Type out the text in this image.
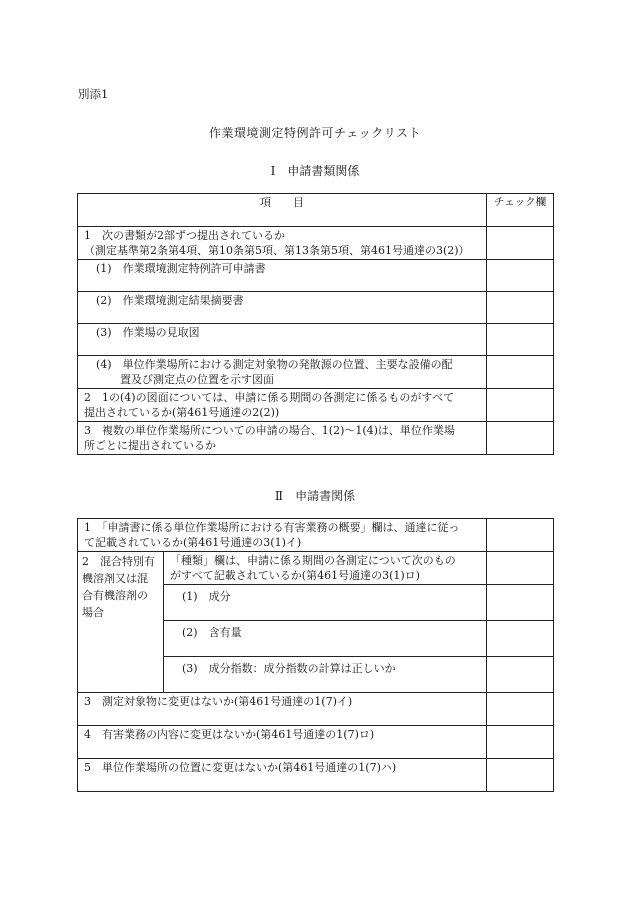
別添1
作業環境測定特例許可チェックリスト
Ⅰ　申請書類関係
項　　目	チェック欄
1　次の書類が2部ずつ提出されているか
（測定基準第2条第4項、第10条第5項、第13条第5項、第461号通達の3(2)）	
(1)　作業環境測定特例許可申請書	
(2)　作業環境測定結果摘要書	
(3)　作業場の見取図	
(4)　単位作業場所における測定対象物の発散源の位置、主要な設備の配
置及び測定点の位置を示す図面	

2　1の(4)の図面については、申請に係る期間の各測定に係るものがすべて
提出されているか(第461号通達の2(2))	
3　複数の単位作業場所についての申請の場合、1(2)～1(4)は、単位作業場
所ごとに提出されているか	
Ⅱ　申請書関係
1　「申請書に係る単位作業場所における有害業務の概要」欄は、通達に従っ
て記載されているか(第461号通達の3(1)イ)		
2　混合特別有
機溶剤又は混
合有機溶剤の
場合	「種類」欄は、申請に係る期間の各測定について次のもの
がすべて記載されているか(第461号通達の3(1)ロ)	
	(1)　成分	
	(2)　含有量	
	(3)　成分指数：成分指数の計算は正しいか	
3　測定対象物に変更はないか(第461号通達の1(7)イ)		
4　有害業務の内容に変更はないか(第461号通達の1(7)ロ)		
5　単位作業場所の位置に変更はないか(第461号通達の1(7)ハ)		
